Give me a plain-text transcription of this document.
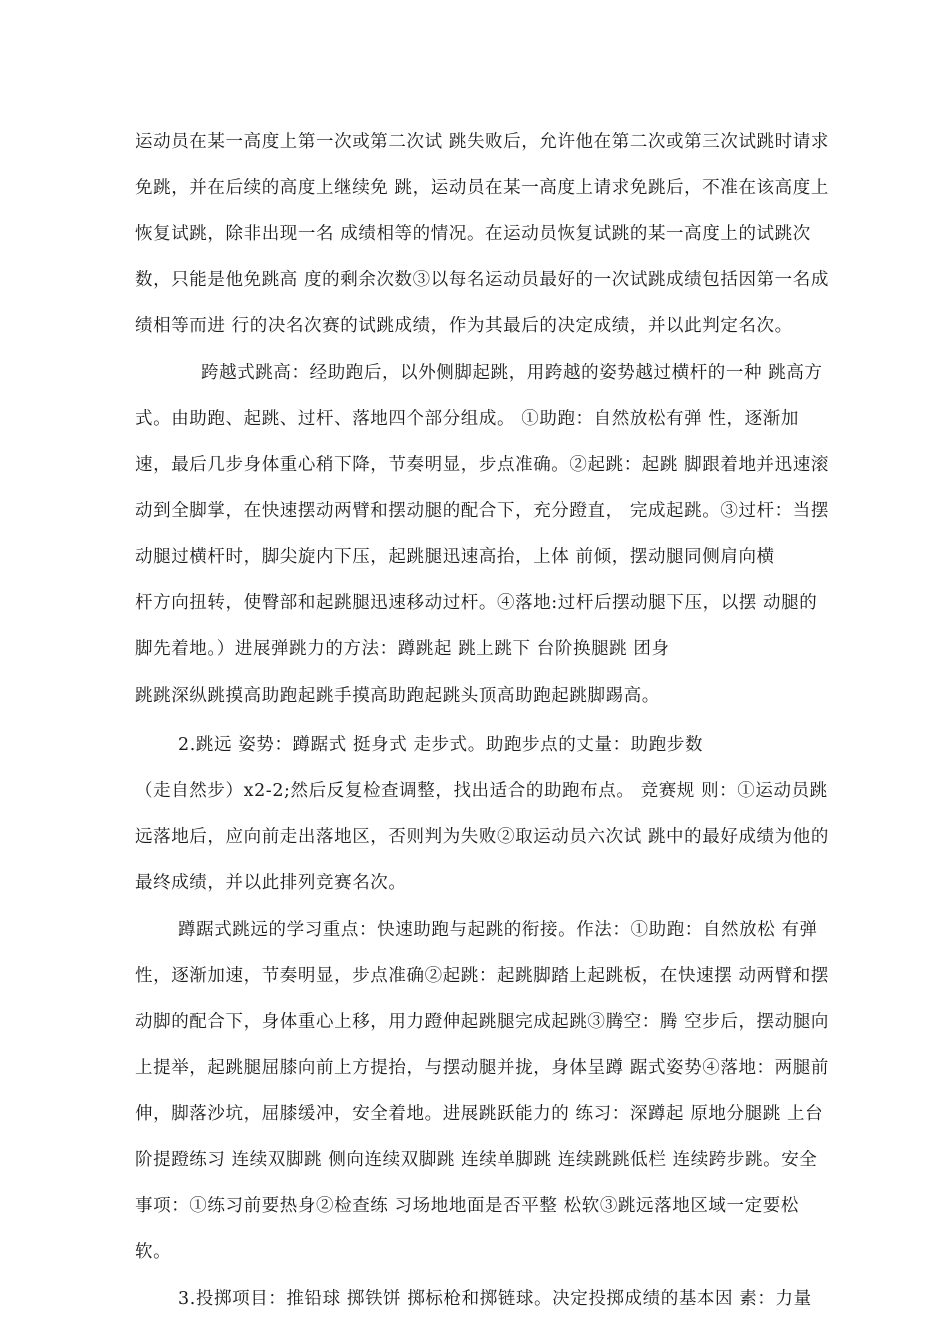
运动员在某一高度上第一次或第二次试 跳失败后，允许他在第二次或第三次试跳时请求
免跳，并在后续的高度上继续免 跳，运动员在某一高度上请求免跳后，不准在该高度上
恢复试跳，除非出现一名 成绩相等的情况。在运动员恢复试跳的某一高度上的试跳次
数，只能是他免跳高 度的剩余次数③以每名运动员最好的一次试跳成绩包括因第一名成
绩相等而进 行的决名次赛的试跳成绩，作为其最后的决定成绩，并以此判定名次。
跨越式跳高：经助跑后，以外侧脚起跳，用跨越的姿势越过横杆的一种 跳高方
式。由助跑、起跳、过杆、落地四个部分组成。 ①助跑：自然放松有弹 性，逐渐加
速，最后几步身体重心稍下降，节奏明显，步点准确。②起跳：起跳 脚跟着地并迅速滚
动到全脚掌，在快速摆动两臂和摆动腿的配合下，充分蹬直， 完成起跳。③过杆：当摆
动腿过横杆时，脚尖旋内下压，起跳腿迅速高抬，上体 前倾，摆动腿同侧肩向横
杆方向扭转，使臀部和起跳腿迅速移动过杆。④落地:过杆后摆动腿下压，以摆 动腿的
脚先着地。）进展弹跳力的方法：蹲跳起 跳上跳下 台阶换腿跳 团身
跳跳深纵跳摸高助跑起跳手摸高助跑起跳头顶高助跑起跳脚踢高。
2.跳远 姿势：蹲踞式 挺身式 走步式。助跑步点的丈量：助跑步数
（走自然步）x2-2;然后反复检查调整，找出适合的助跑布点。 竞赛规 则：①运动员跳
远落地后，应向前走出落地区，否则判为失败②取运动员六次试 跳中的最好成绩为他的
最终成绩，并以此排列竞赛名次。
蹲踞式跳远的学习重点：快速助跑与起跳的衔接。作法：①助跑：自然放松 有弹
性，逐渐加速，节奏明显，步点准确②起跳：起跳脚踏上起跳板，在快速摆 动两臂和摆
动脚的配合下，身体重心上移，用力蹬伸起跳腿完成起跳③腾空：腾 空步后，摆动腿向
上提举，起跳腿屈膝向前上方提抬，与摆动腿并拢，身体呈蹲 踞式姿势④落地：两腿前
伸，脚落沙坑，屈膝缓冲，安全着地。进展跳跃能力的 练习：深蹲起 原地分腿跳 上台
阶提蹬练习 连续双脚跳 侧向连续双脚跳 连续单脚跳 连续跳跳低栏 连续跨步跳。安全
事项：①练习前要热身②检查练 习场地地面是否平整 松软③跳远落地区域一定要松
软。
3.投掷项目：推铅球 掷铁饼 掷标枪和掷链球。决定投掷成绩的基本因 素：力量
